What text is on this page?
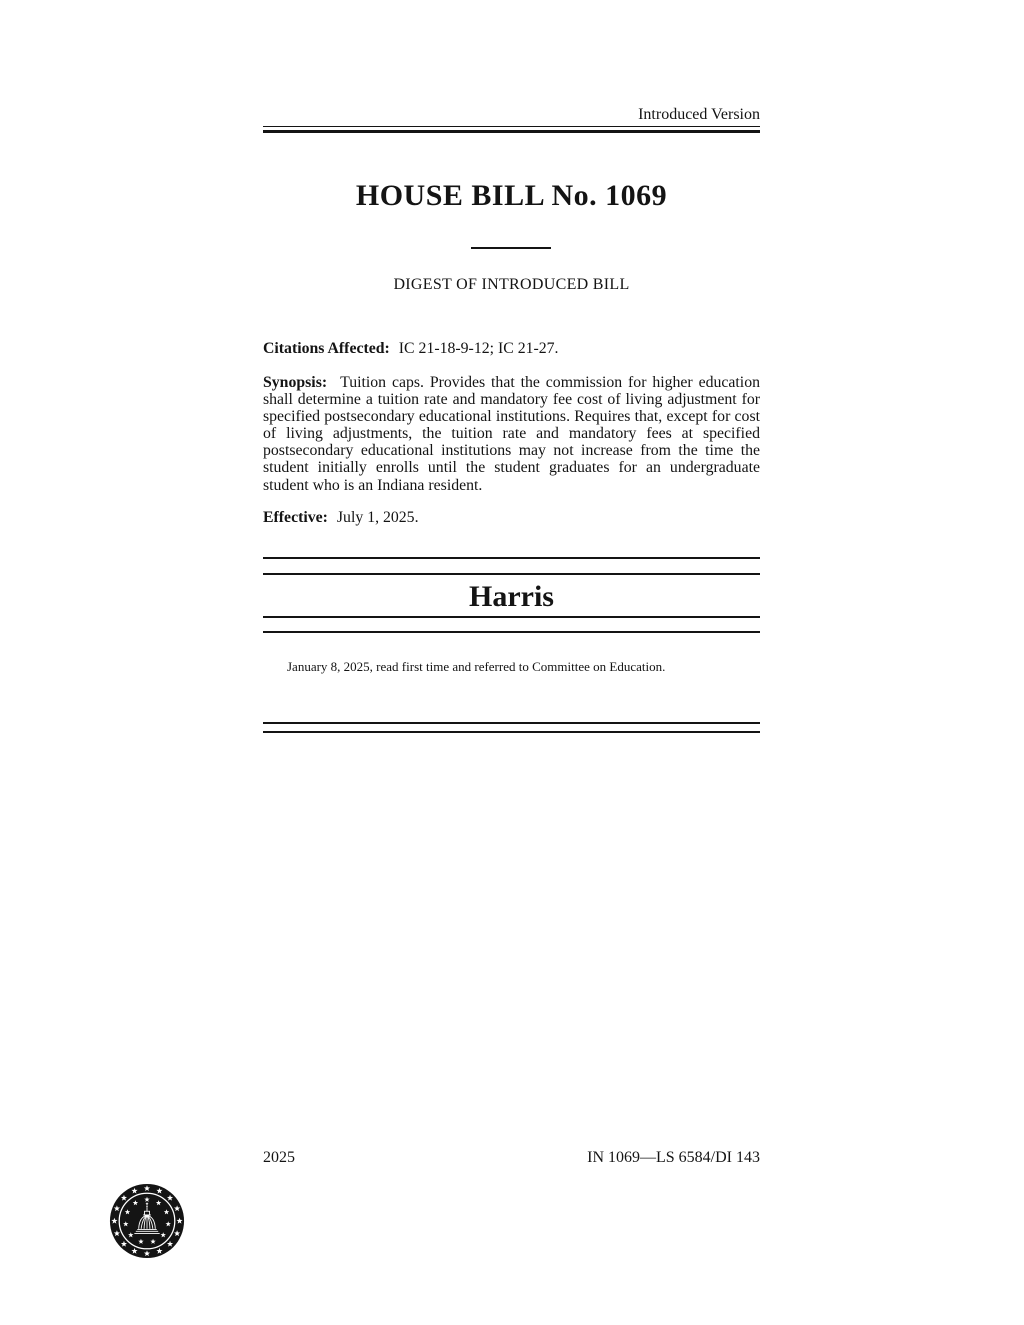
Introduced Version
HOUSE BILL No. 1069
DIGEST OF INTRODUCED BILL

Citations Affected: IC 21-18-9-12; IC 21-27.

Synopsis: Tuition caps. Provides that the commission for higher education shall determine a tuition rate and mandatory fee cost of living adjustment for specified postsecondary educational institutions. Requires that, except for cost of living adjustments, the tuition rate and mandatory fees at specified postsecondary educational institutions may not increase from the time the student initially enrolls until the student graduates for an undergraduate student who is an Indiana resident.

Effective: July 1, 2025.

Harris

January 8, 2025, read first time and referred to Committee on Education.

2025	IN 1069—LS 6584/DI 143
